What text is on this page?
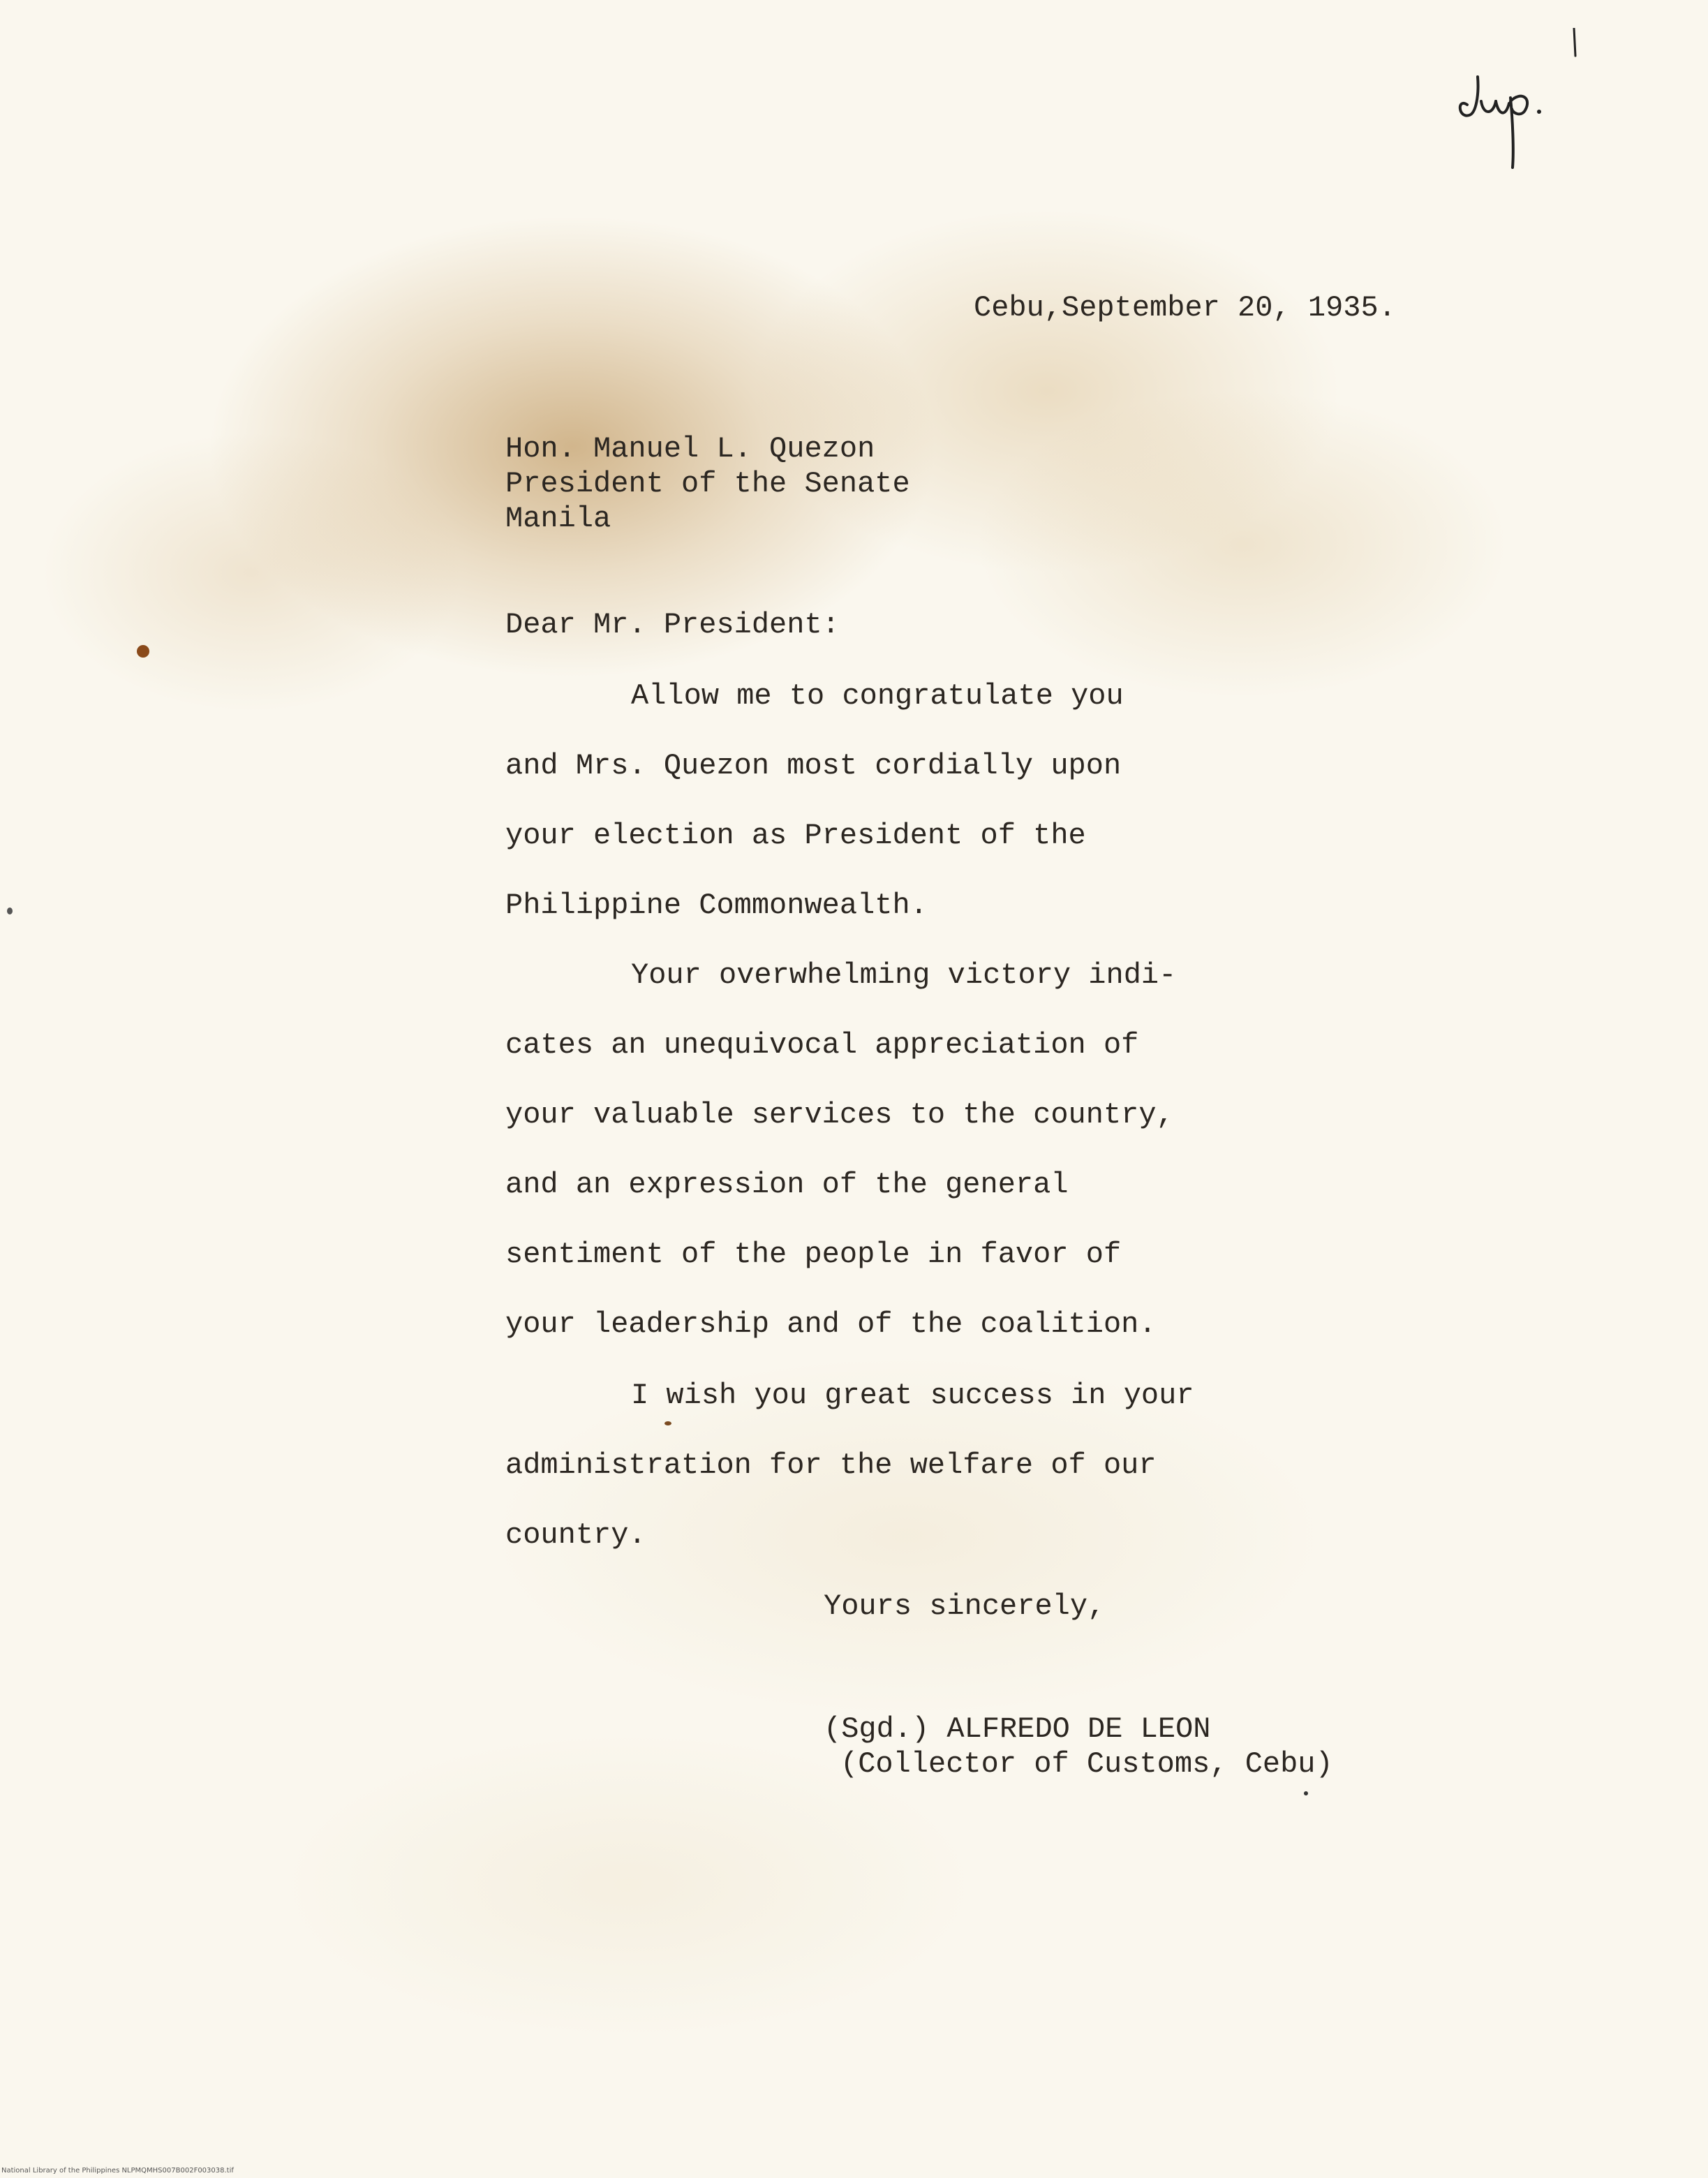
Cebu,September 20, 1935.

Hon. Manuel L. Quezon

President of the Senate

Manila

Dear Mr. President:

Allow me to congratulate you

and Mrs. Quezon most cordially upon

your election as President of the

Philippine Commonwealth.

Your overwhelming victory indi-

cates an unequivocal appreciation of

your valuable services to the country,

and an expression of the general

sentiment of the people in favor of

your leadership and of the coalition.

I wish you great success in your

administration for the welfare of our

country.

Yours sincerely,

(Sgd.) ALFREDO DE LEON

(Collector of Customs, Cebu)

National Library of the Philippines NLPMQMHS007B002F003038.tif
